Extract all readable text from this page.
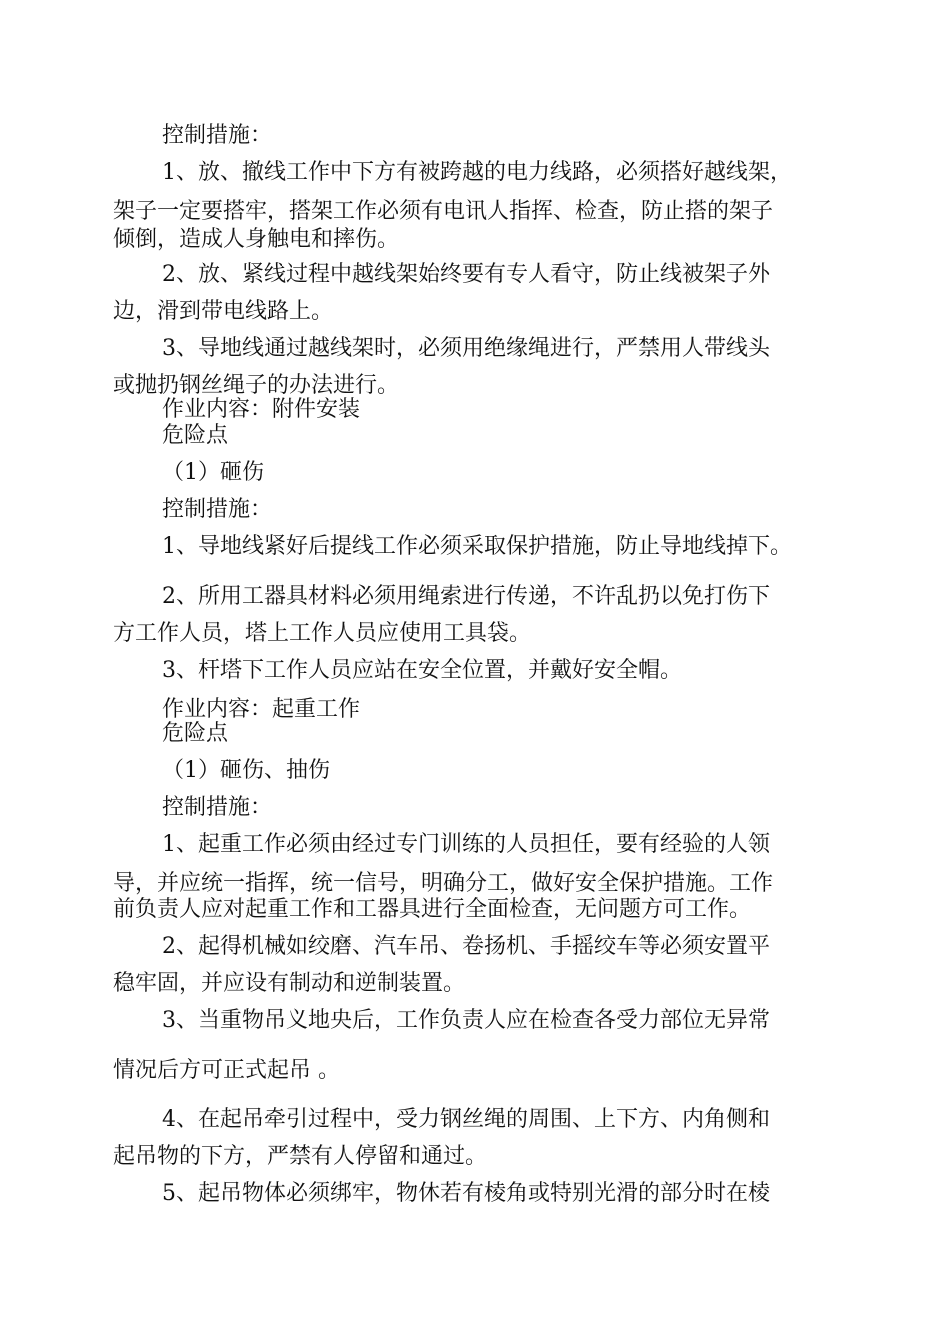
控制措施：
1、放、撤线工作中下方有被跨越的电力线路，必须搭好越线架，
架子一定要搭牢，搭架工作必须有电讯人指挥、检查，防止搭的架子
倾倒，造成人身触电和摔伤。
2、放、紧线过程中越线架始终要有专人看守，防止线被架子外
边，滑到带电线路上。
3、导地线通过越线架时，必须用绝缘绳进行，严禁用人带线头
或抛扔钢丝绳子的办法进行。
作业内容：附件安装
危险点
（1）砸伤
控制措施：
1、导地线紧好后提线工作必须采取保护措施，防止导地线掉下。
2、所用工器具材料必须用绳索进行传递，不许乱扔以免打伤下
方工作人员，塔上工作人员应使用工具袋。
3、杆塔下工作人员应站在安全位置，并戴好安全帽。
作业内容：起重工作
危险点
（1）砸伤、抽伤
控制措施：
1、起重工作必须由经过专门训练的人员担任，要有经验的人领
导，并应统一指挥，统一信号，明确分工，做好安全保护措施。工作
前负责人应对起重工作和工器具进行全面检查，无问题方可工作。
2、起得机械如绞磨、汽车吊、卷扬机、手摇绞车等必须安置平
稳牢固，并应设有制动和逆制装置。
3、当重物吊义地央后，工作负责人应在检查各受力部位无异常
情况后方可正式起吊 。
4、在起吊牵引过程中，受力钢丝绳的周围、上下方、内角侧和
起吊物的下方，严禁有人停留和通过。
5、起吊物体必须绑牢，物休若有棱角或特别光滑的部分时在棱
